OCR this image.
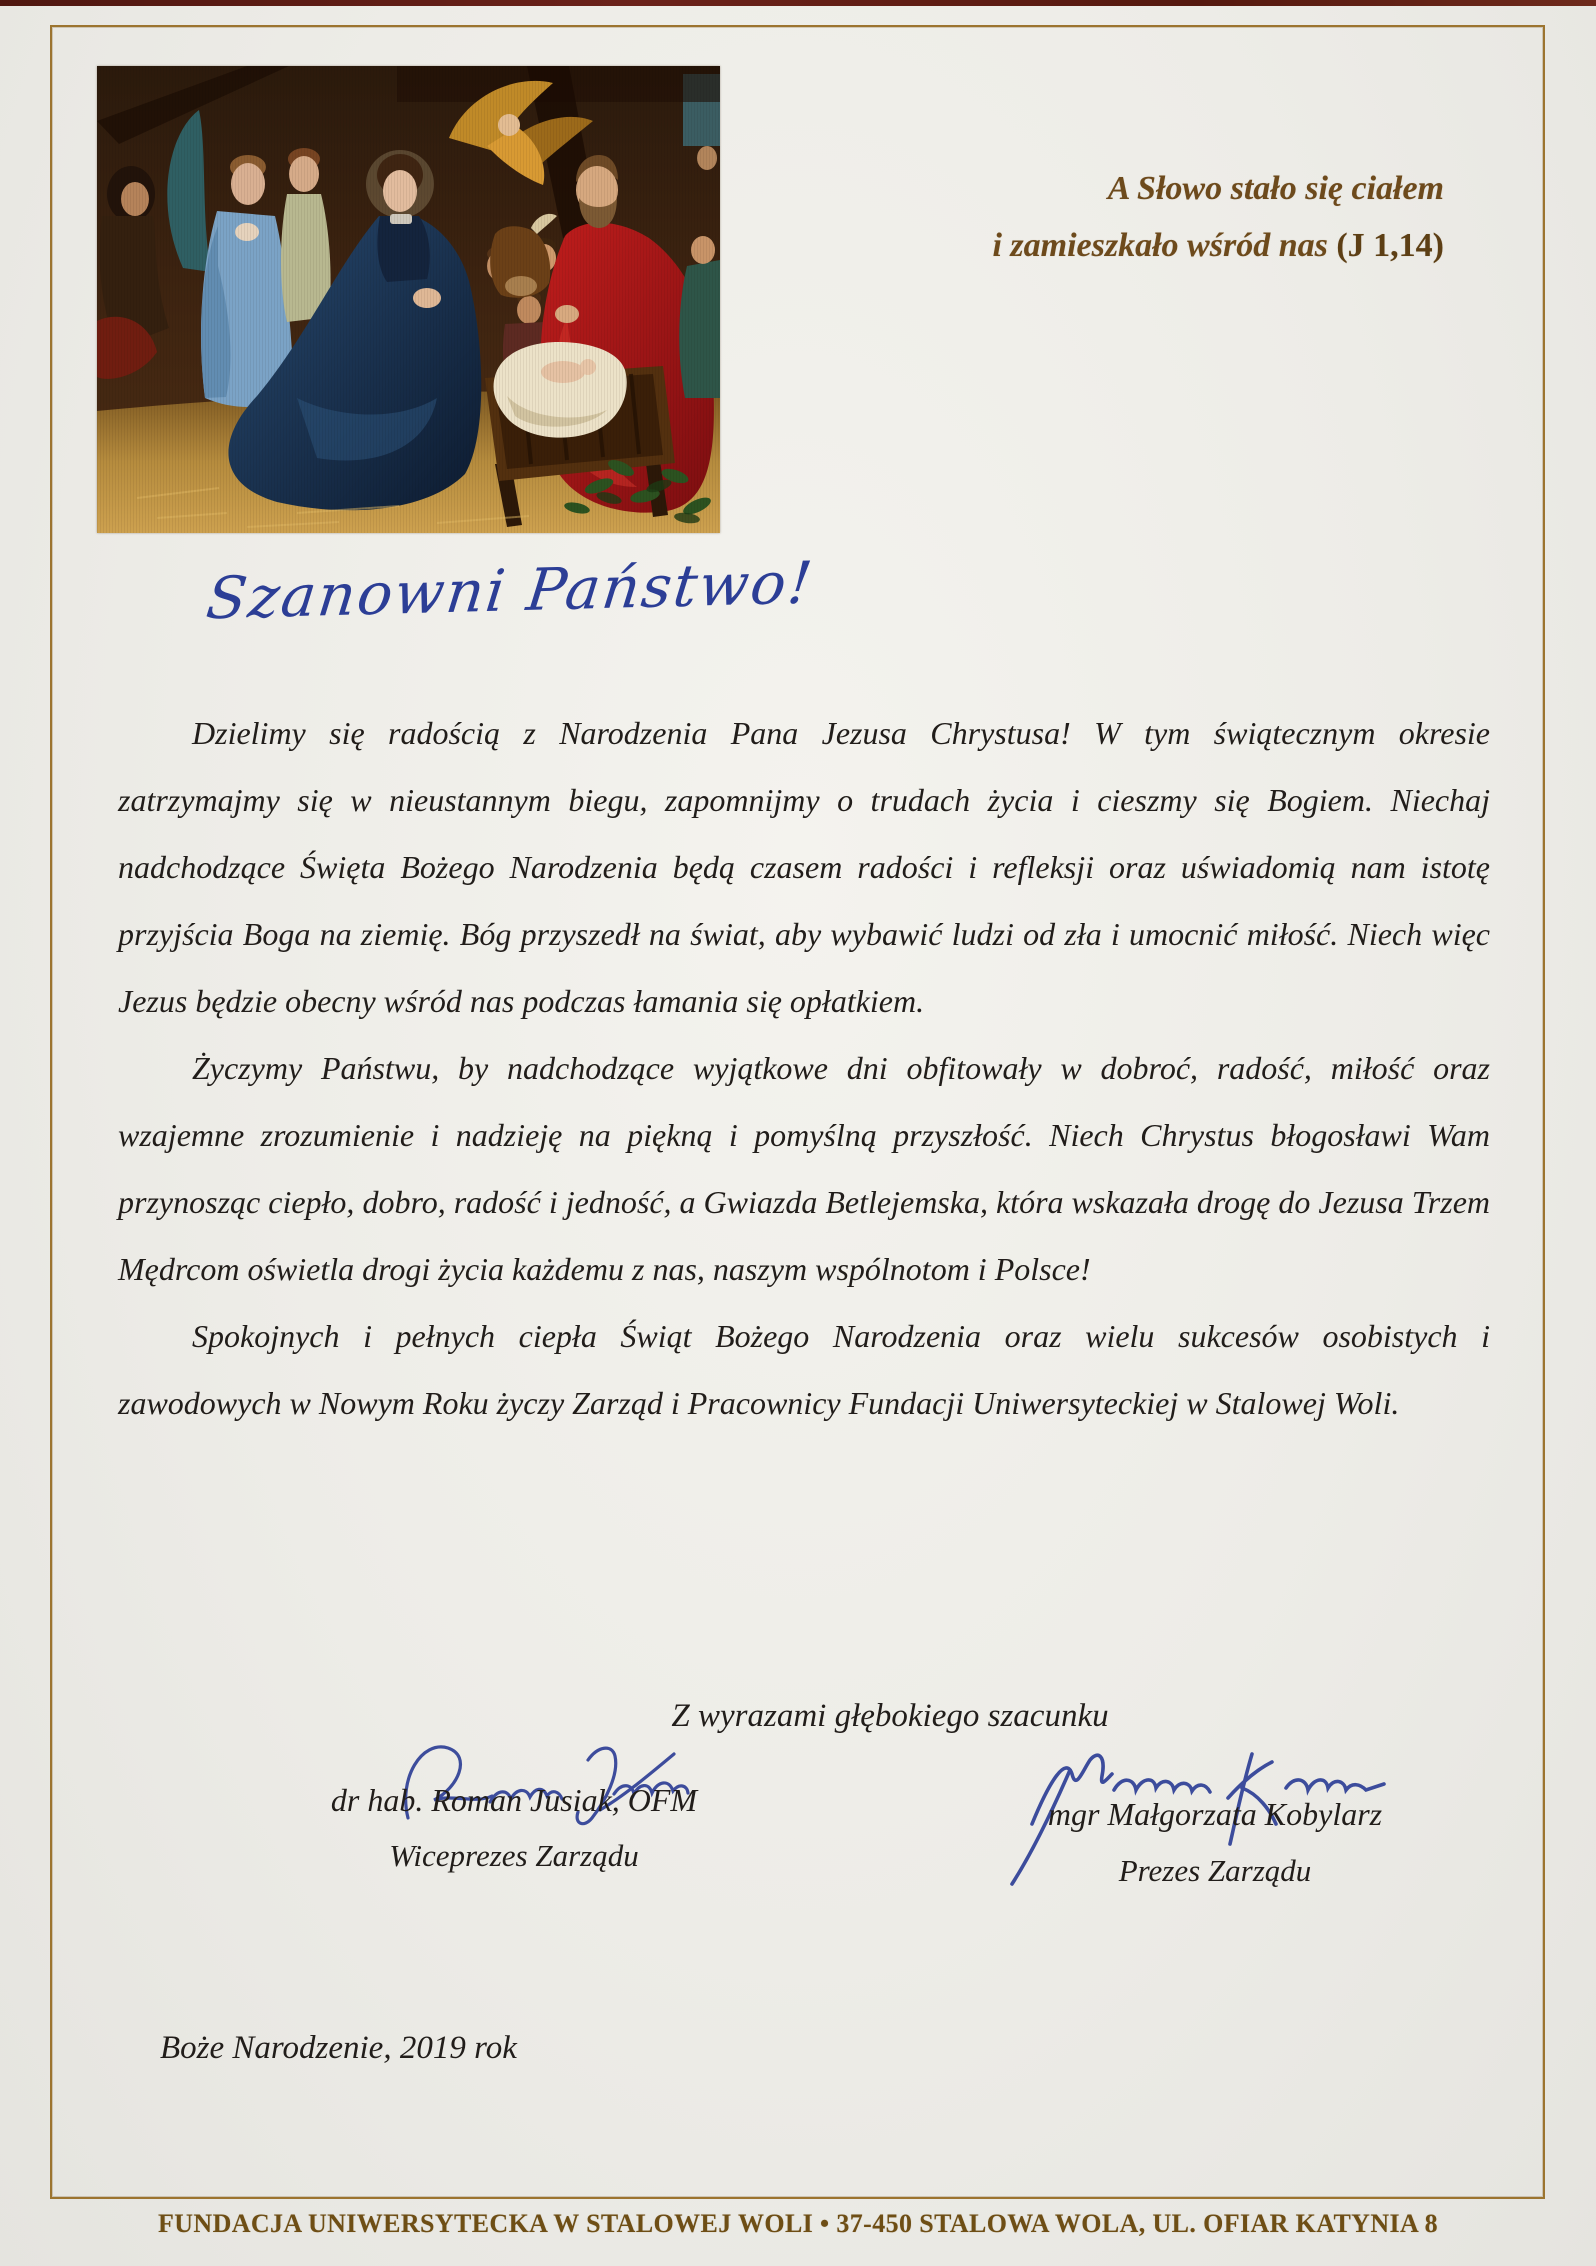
A Słowo stało się ciałem
i zamieszkało wśród nas (J 1,14)
Szanowni Państwo!

Dzielimy się radością z Narodzenia Pana Jezusa Chrystusa! W tym świątecznym okresie zatrzymajmy się w nieustannym biegu, zapomnijmy o trudach życia i cieszmy się Bogiem. Niechaj nadchodzące Święta Bożego Narodzenia będą czasem radości i refleksji oraz uświadomią nam istotę przyjścia Boga na ziemię. Bóg przyszedł na świat, aby wybawić ludzi od zła i umocnić miłość. Niech więc Jezus będzie obecny wśród nas podczas łamania się opłatkiem.

Życzymy Państwu, by nadchodzące wyjątkowe dni obfitowały w dobroć, radość, miłość oraz wzajemne zrozumienie i nadzieję na piękną i pomyślną przyszłość. Niech Chrystus błogosławi Wam przynosząc ciepło, dobro, radość i jedność, a Gwiazda Betlejemska, która wskazała drogę do Jezusa Trzem Mędrcom oświetla drogi życia każdemu z nas, naszym wspólnotom i Polsce!

Spokojnych i pełnych ciepła Świąt Bożego Narodzenia oraz wielu sukcesów osobistych i zawodowych w Nowym Roku życzy Zarząd i Pracownicy Fundacji Uniwersyteckiej w Stalowej Woli.

Z wyrazami głębokiego szacunku
dr hab. Roman Jusiak, OFM
Wiceprezes Zarządu
mgr Małgorzata Kobylarz
Prezes Zarządu
Boże Narodzenie, 2019 rok
FUNDACJA UNIWERSYTECKA W STALOWEJ WOLI • 37-450 STALOWA WOLA, UL. OFIAR KATYNIA 8
